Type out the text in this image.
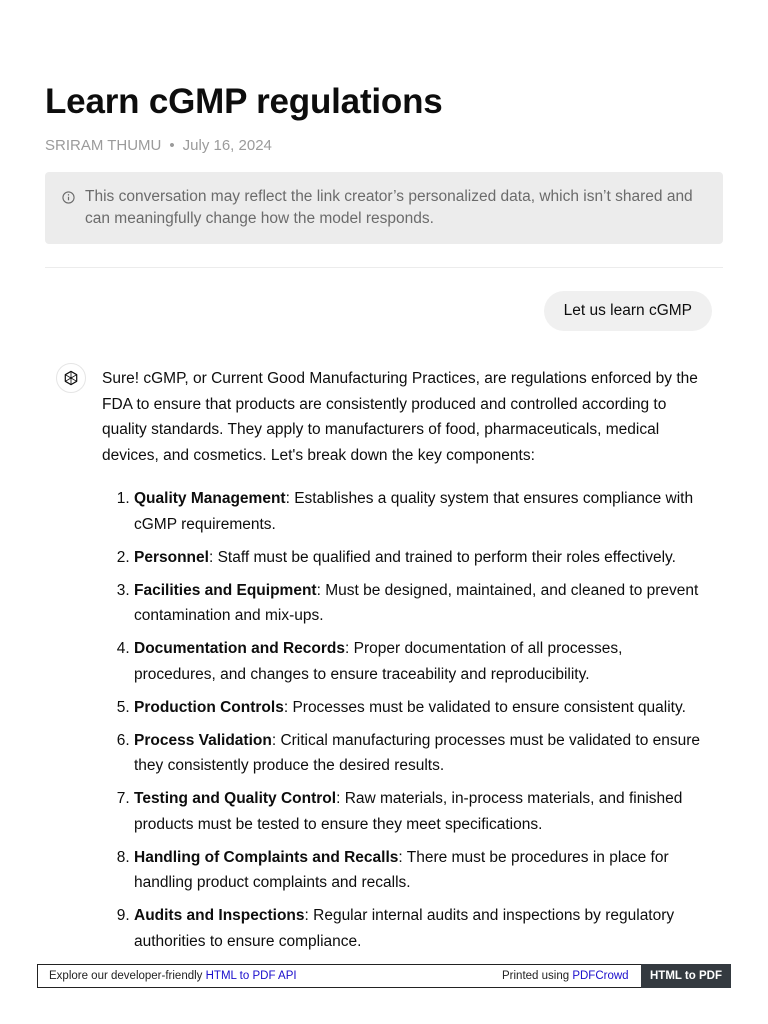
Learn cGMP regulations
SRIRAM THUMU • July 16, 2024
This conversation may reflect the link creator’s personalized data, which isn’t shared and can meaningfully change how the model responds.
Let us learn cGMP

Sure! cGMP, or Current Good Manufacturing Practices, are regulations enforced by the FDA to ensure that products are consistently produced and controlled according to quality standards. They apply to manufacturers of food, pharmaceuticals, medical devices, and cosmetics. Let's break down the key components:

1. Quality Management: Establishes a quality system that ensures compliance with cGMP requirements.
2. Personnel: Staff must be qualified and trained to perform their roles effectively.
3. Facilities and Equipment: Must be designed, maintained, and cleaned to prevent contamination and mix-ups.
4. Documentation and Records: Proper documentation of all processes, procedures, and changes to ensure traceability and reproducibility.
5. Production Controls: Processes must be validated to ensure consistent quality.
6. Process Validation: Critical manufacturing processes must be validated to ensure they consistently produce the desired results.
7. Testing and Quality Control: Raw materials, in-process materials, and finished products must be tested to ensure they meet specifications.
8. Handling of Complaints and Recalls: There must be procedures in place for handling product complaints and recalls.
9. Audits and Inspections: Regular internal audits and inspections by regulatory authorities to ensure compliance.
Explore our developer-friendly HTML to PDF API	Printed using PDFCrowd	HTML to PDF
